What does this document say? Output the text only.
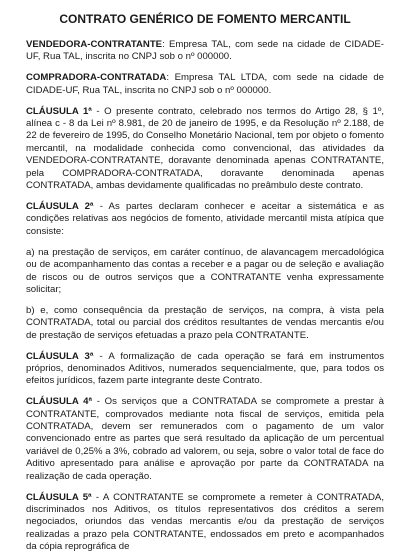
CONTRATO GENÉRICO DE FOMENTO MERCANTIL

VENDEDORA-CONTRATANTE: Empresa TAL, com sede na cidade de CIDADE-UF, Rua TAL, inscrita no CNPJ sob o nº 000000.

COMPRADORA-CONTRATADA: Empresa TAL LTDA, com sede na cidade de CIDADE-UF, Rua TAL, inscrita no CNPJ sob o nº 000000.

CLÁUSULA 1ª - O presente contrato, celebrado nos termos do Artigo 28, § 1º, alínea c - 8 da Lei nº 8.981, de 20 de janeiro de 1995, e da Resolução nº 2.188, de 22 de fevereiro de 1995, do Conselho Monetário Nacional, tem por objeto o fomento mercantil, na modalidade conhecida como convencional, das atividades da VENDEDORA-CONTRATANTE, doravante denominada apenas CONTRATANTE, pela COMPRADORA-CONTRATADA, doravante denominada apenas CONTRATADA, ambas devidamente qualificadas no preâmbulo deste contrato.

CLÁUSULA 2ª - As partes declaram conhecer e aceitar a sistemática e as condições relativas aos negócios de fomento, atividade mercantil mista atípica que consiste:

a) na prestação de serviços, em caráter contínuo, de alavancagem mercadológica ou de acompanhamento das contas a receber e a pagar ou de seleção e avaliação de riscos ou de outros serviços que a CONTRATANTE venha expressamente solicitar;

b) e, como consequência da prestação de serviços, na compra, à vista pela CONTRATADA, total ou parcial dos créditos resultantes de vendas mercantis e/ou de prestação de serviços efetuadas a prazo pela CONTRATANTE.

CLÁUSULA 3ª - A formalização de cada operação se fará em instrumentos próprios, denominados Aditivos, numerados sequencialmente, que, para todos os efeitos jurídicos, fazem parte integrante deste Contrato.

CLÁUSULA 4ª - Os serviços que a CONTRATADA se compromete a prestar à CONTRATANTE, comprovados mediante nota fiscal de serviços, emitida pela CONTRATADA, devem ser remunerados com o pagamento de um valor convencionado entre as partes que será resultado da aplicação de um percentual variável de 0,25% a 3%, cobrado ad valorem, ou seja, sobre o valor total de face do Aditivo apresentado para análise e aprovação por parte da CONTRATADA na realização de cada operação.

CLÁUSULA 5ª - A CONTRATANTE se compromete a remeter à CONTRATADA, discriminados nos Aditivos, os títulos representativos dos créditos a serem negociados, oriundos das vendas mercantis e/ou da prestação de serviços realizadas a prazo pela CONTRATANTE, endossados em preto e acompanhados da cópia reprográfica de
